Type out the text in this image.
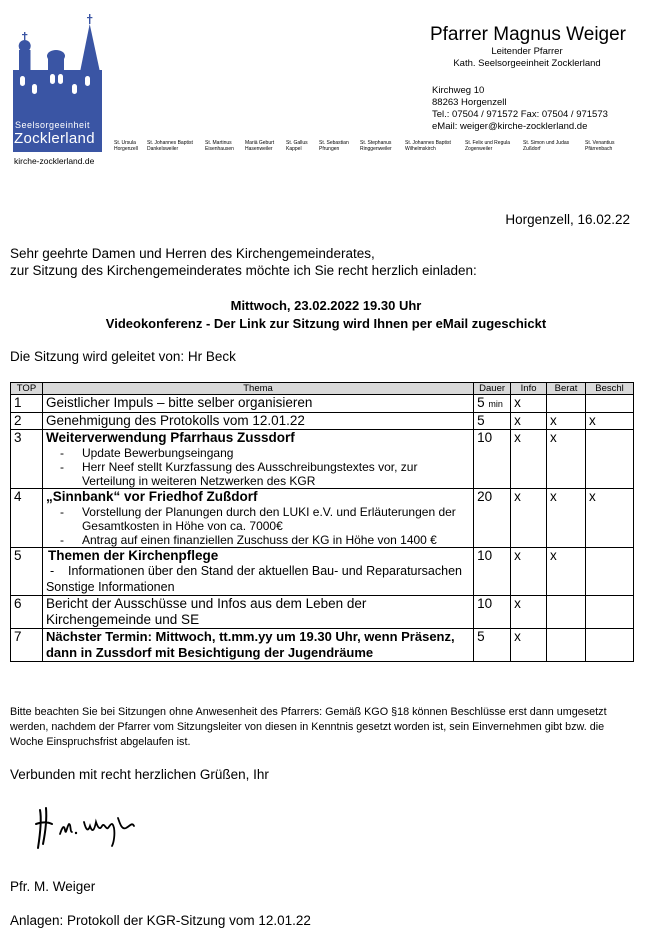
Seelsorgeeinheit
Zocklerland
kirche-zocklerland.de
St. Ursula
Horgenzell
St. Johannes Baptist
Dankelsweiler
St. Martinus
Eisenhausen
Mariä Geburt
Hasenweiler
St. Gallus
Kappel
St. Sebastian
Pfrungen
St. Stephanus
Ringgenweiler
St. Johannes Baptist
Wilhelmskirch
St. Felix und Regula
Zogenweiler
St. Simon und Judas
Zußdorf
St. Venantius
Pfärrenbach
Pfarrer Magnus Weiger
Leitender Pfarrer
Kath. Seelsorgeeinheit Zocklerland
Kirchweg 10
88263 Horgenzell
Tel.: 07504 / 971572 Fax: 07504 / 971573
eMail: weiger@kirche-zocklerland.de
Horgenzell, 16.02.22
Sehr geehrte Damen und Herren des Kirchengemeinderates,
zur Sitzung des Kirchengemeinderates möchte ich Sie recht herzlich einladen:
Mittwoch, 23.02.2022 19.30 Uhr
Videokonferenz - Der Link zur Sitzung wird Ihnen per eMail zugeschickt
Die Sitzung wird geleitet von: Hr Beck
TOP	Thema	Dauer	Info	Berat	Beschl
1	Geistlicher Impuls – bitte selber organisieren	5 min	x		
2	Genehmigung des Protokolls vom 12.01.22	5	x	x	x
3	Weiterverwendung Pfarrhaus Zussdorf
- Update Bewerbungseingang
- Herr Neef stellt Kurzfassung des Ausschreibungstextes vor, zur Verteilung in weiteren Netzwerken des KGR	10	x	x	
4	„Sinnbank“ vor Friedhof Zußdorf
- Vorstellung der Planungen durch den LUKI e.V. und Erläuterungen der Gesamtkosten in Höhe von ca. 7000€
- Antrag auf einen finanziellen Zuschuss der KG in Höhe von 1400 €	20	x	x	x
5	Themen der Kirchenpflege
- Informationen über den Stand der aktuellen Bau- und Reparatursachen
Sonstige Informationen	10	x	x	
6	Bericht der Ausschüsse und Infos aus dem Leben der Kirchengemeinde und SE	10	x		
7	Nächster Termin: Mittwoch, tt.mm.yy um 19.30 Uhr, wenn Präsenz, dann in Zussdorf mit Besichtigung der Jugendräume	5	x		
Bitte beachten Sie bei Sitzungen ohne Anwesenheit des Pfarrers: Gemäß KGO §18 können Beschlüsse erst dann umgesetzt werden, nachdem der Pfarrer vom Sitzungsleiter von diesen in Kenntnis gesetzt worden ist, sein Einvernehmen gibt bzw. die Woche Einspruchsfrist abgelaufen ist.
Verbunden mit recht herzlichen Grüßen, Ihr
Pfr. M. Weiger
Anlagen: Protokoll der KGR-Sitzung vom 12.01.22
